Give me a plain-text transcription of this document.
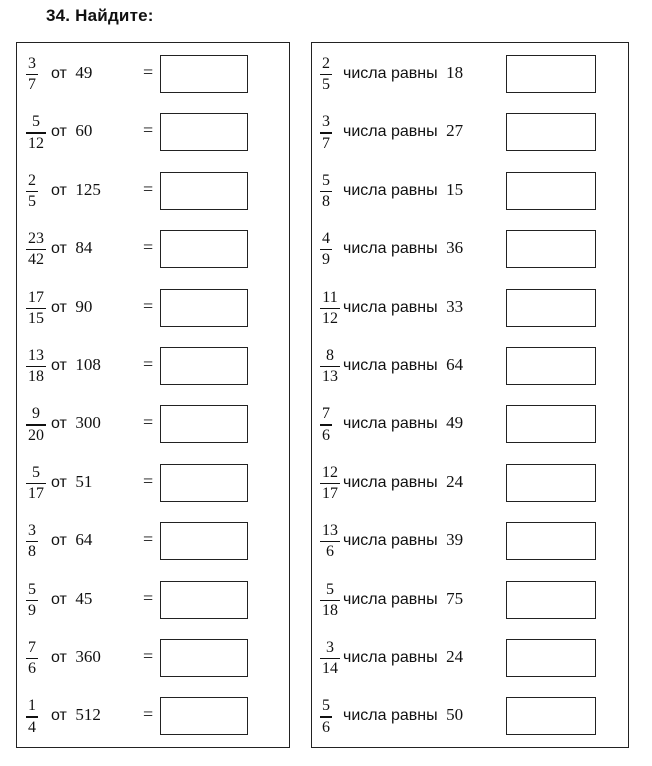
34. Найдите:
3
7
от 49	=
5
12
от 60	=
2
5
от 125 =
23
42
от 84	=
17
15
от 90	=
13
18
от 108 =
9
20
от 300 =
5
17
от 51	=
3
8
от 64	=
5
9
от 45	=
7
6
от 360 =
1
4
от 512 =
2
5
числа равны 18
3
7
числа равны 27
5
8
числа равны 15
4
9
числа равны 36
11
12
числа равны 33
8
13
числа равны 64
7
6
числа равны 49
12
17
числа равны 24
13
6
числа равны 39
5
18
числа равны 75
3
14
числа равны 24
5
6
числа равны 50
